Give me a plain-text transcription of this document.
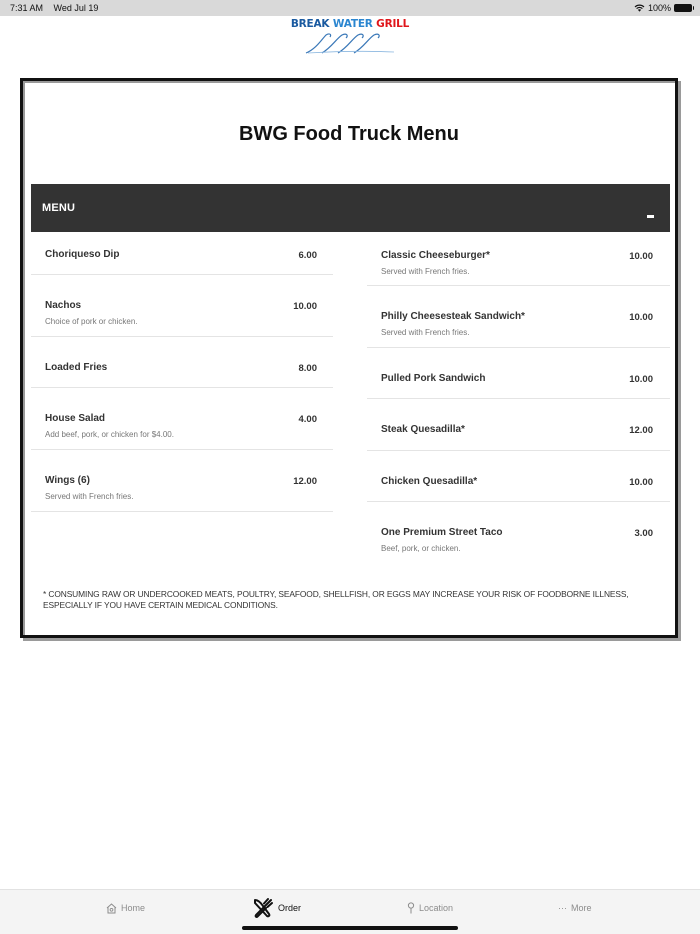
7:31 AM Wed Jul 19	100%
BREAK WATER GRILL
BWG Food Truck Menu
MENU
Choriqueso Dip	6.00
Nachos	10.00
Choice of pork or chicken.
Loaded Fries	8.00
House Salad	4.00
Add beef, pork, or chicken for $4.00.
Wings (6)	12.00
Served with French fries.
Classic Cheeseburger*	10.00
Served with French fries.
Philly Cheesesteak Sandwich*	10.00
Served with French fries.
Pulled Pork Sandwich	10.00
Steak Quesadilla*	12.00
Chicken Quesadilla*	10.00
One Premium Street Taco	3.00
Beef, pork, or chicken.

* CONSUMING RAW OR UNDERCOOKED MEATS, POULTRY, SEAFOOD, SHELLFISH, OR EGGS MAY INCREASE YOUR RISK OF FOODBORNE ILLNESS, ESPECIALLY IF YOU HAVE CERTAIN MEDICAL CONDITIONS.

Home	Order	Location	··· More
